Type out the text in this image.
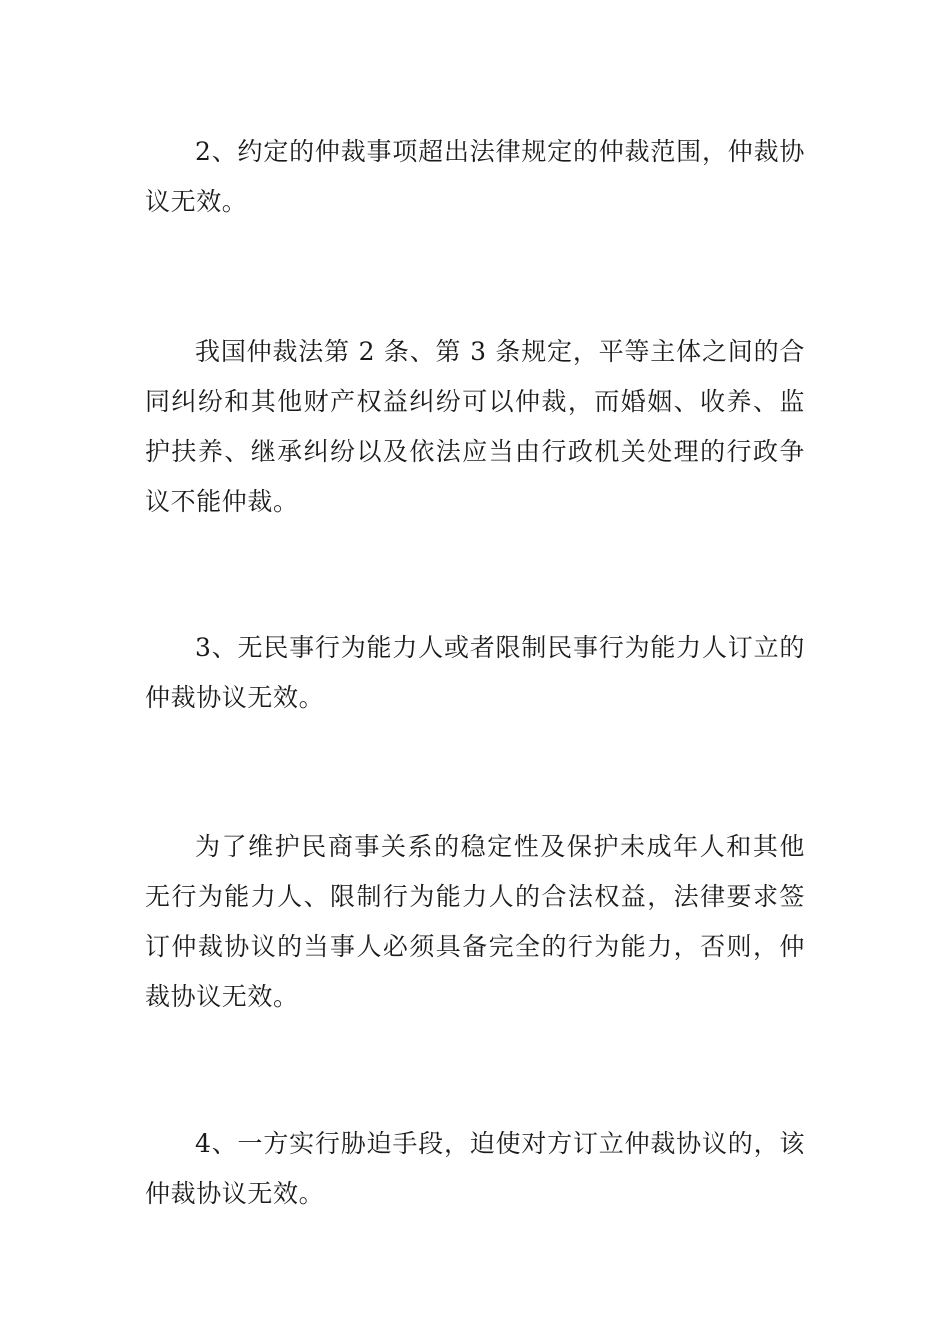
2、约定的仲裁事项超出法律规定的仲裁范围，仲裁协议无效。

我国仲裁法第 2 条、第 3 条规定，平等主体之间的合同纠纷和其他财产权益纠纷可以仲裁，而婚姻、收养、监护扶养、继承纠纷以及依法应当由行政机关处理的行政争议不能仲裁。

3、无民事行为能力人或者限制民事行为能力人订立的仲裁协议无效。

为了维护民商事关系的稳定性及保护未成年人和其他无行为能力人、限制行为能力人的合法权益，法律要求签订仲裁协议的当事人必须具备完全的行为能力，否则，仲裁协议无效。

4、一方实行胁迫手段，迫使对方订立仲裁协议的，该仲裁协议无效。
